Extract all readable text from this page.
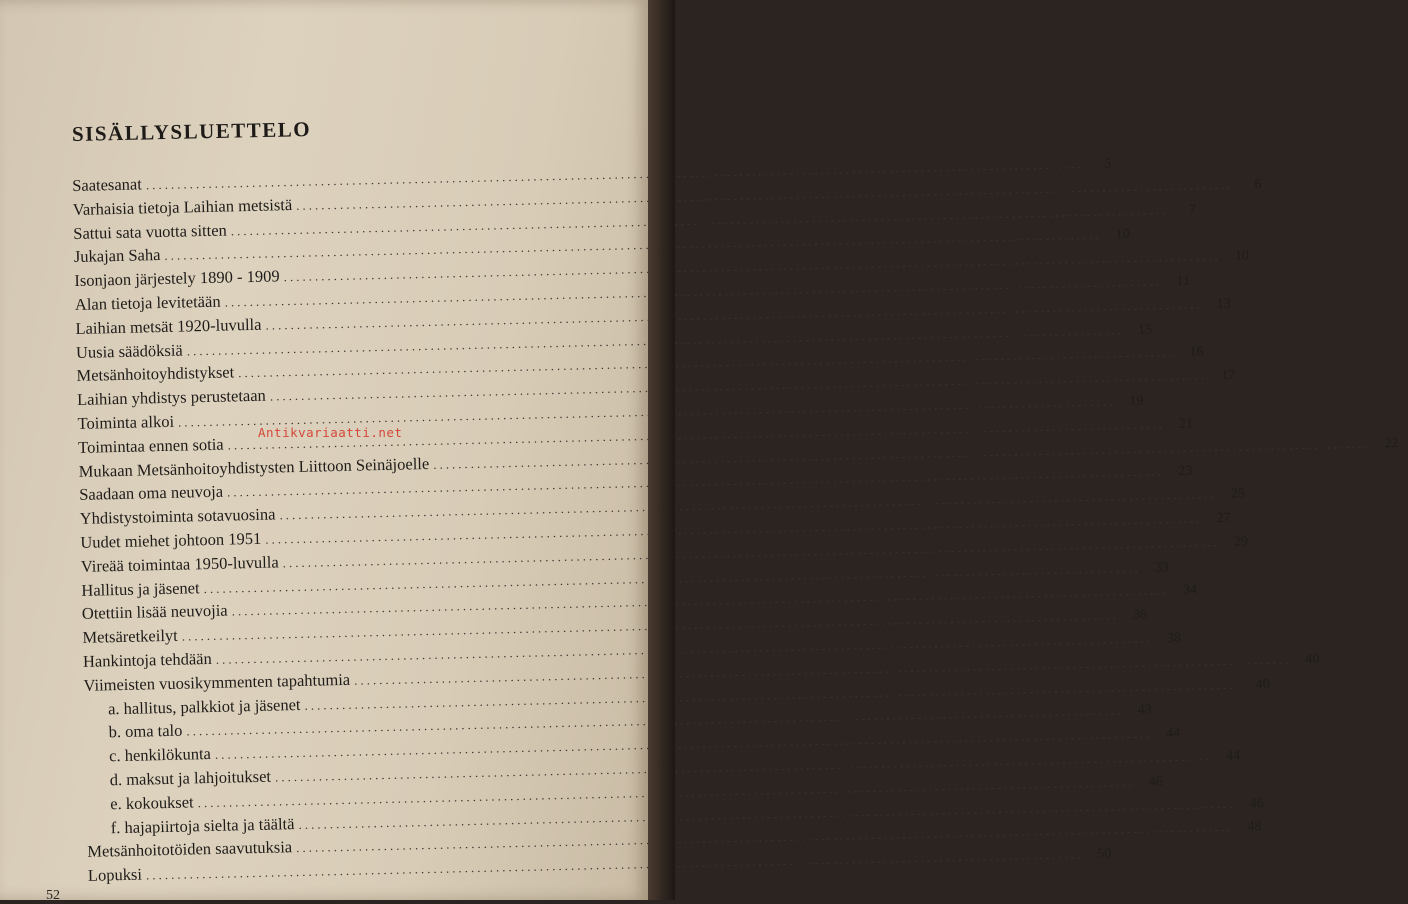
SISÄLLYSLUETTELO
Saatesanat
.....
5
Varhaisia tietoja Laihian metsistä
.....
6
Sattui sata vuotta sitten
.....
7
Jukajan Saha
.....
10
Isonjaon järjestely 1890 - 1909
.....
10
Alan tietoja levitetään
.....
11
Laihian metsät 1920-luvulla
.....
13
Uusia säädöksiä
.....
15
Metsänhoitoyhdistykset
.....
16
Laihian yhdistys perustetaan
.....
17
Toiminta alkoi
.....
19
Toimintaa ennen sotia
.....
21
Mukaan Metsänhoitoyhdistysten Liittoon Seinäjoelle
.....
22
Saadaan oma neuvoja
.....
23
Yhdistystoiminta sotavuosina
.....
25
Uudet miehet johtoon 1951
.....
27
Vireää toimintaa 1950-luvulla
.....
29
Hallitus ja jäsenet
.....
33
Otettiin lisää neuvojia
.....
34
Metsäretkeilyt
.....
36
Hankintoja tehdään
.....
38
Viimeisten vuosikymmenten tapahtumia
.....
40
a. hallitus, palkkiot ja jäsenet
.....
40
b. oma talo
.....
43
c. henkilökunta
.....
44
d. maksut ja lahjoitukset
.....
44
e. kokoukset
.....
46
f. hajapiirtoja sielta ja täältä
.....
46
Metsänhoitotöiden saavutuksia
.....
48
Lopuksi
.....
50
Antikvariaatti.net
52
